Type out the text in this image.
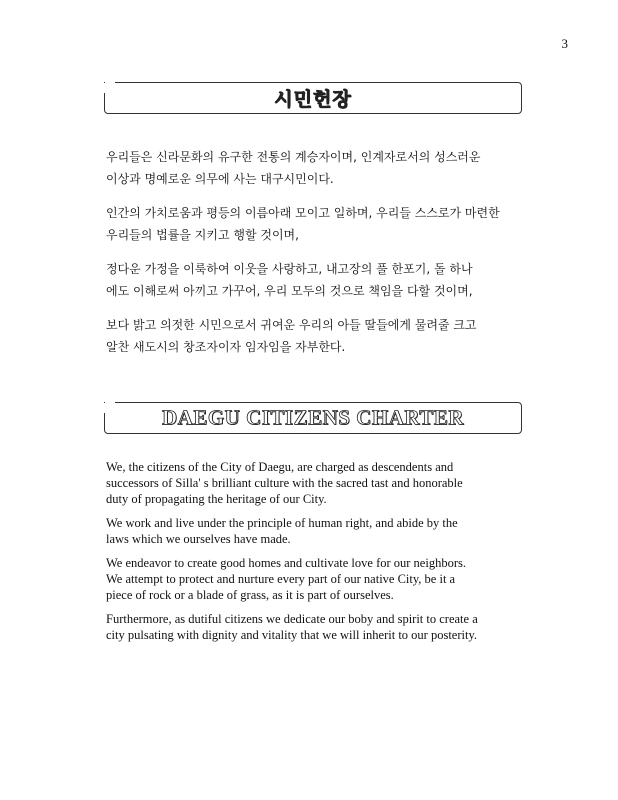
3
시민헌장

우리들은 신라문화의 유구한 전통의 계승자이며, 인계자로서의 성스러운
이상과 명예로운 의무에 사는 대구시민이다.

인간의 가치로움과 평등의 이름아래 모이고 일하며, 우리들 스스로가 마련한
우리들의 법률을 지키고 행할 것이며,

정다운 가정을 이룩하여 이웃을 사랑하고, 내고장의 풀 한포기, 돌 하나
에도 이해로써 아끼고 가꾸어, 우리 모두의 것으로 책임을 다할 것이며,

보다 밝고 의젓한 시민으로서 귀여운 우리의 아들 딸들에게 물려줄 크고
알찬 새도시의 창조자이자 임자임을 자부한다.

DAEGU CITIZENS CHARTER

We, the citizens of the City of Daegu, are charged as descendents and
successors of Silla' s brilliant culture with the sacred tast and honorable
duty of propagating the heritage of our City.

We work and live under the principle of human right, and abide by the
laws which we ourselves have made.

We endeavor to create good homes and cultivate love for our neighbors.
We attempt to protect and nurture every part of our native City, be it a
piece of rock or a blade of grass, as it is part of ourselves.

Furthermore, as dutiful citizens we dedicate our boby and spirit to create a
city pulsating with dignity and vitality that we will inherit to our posterity.
